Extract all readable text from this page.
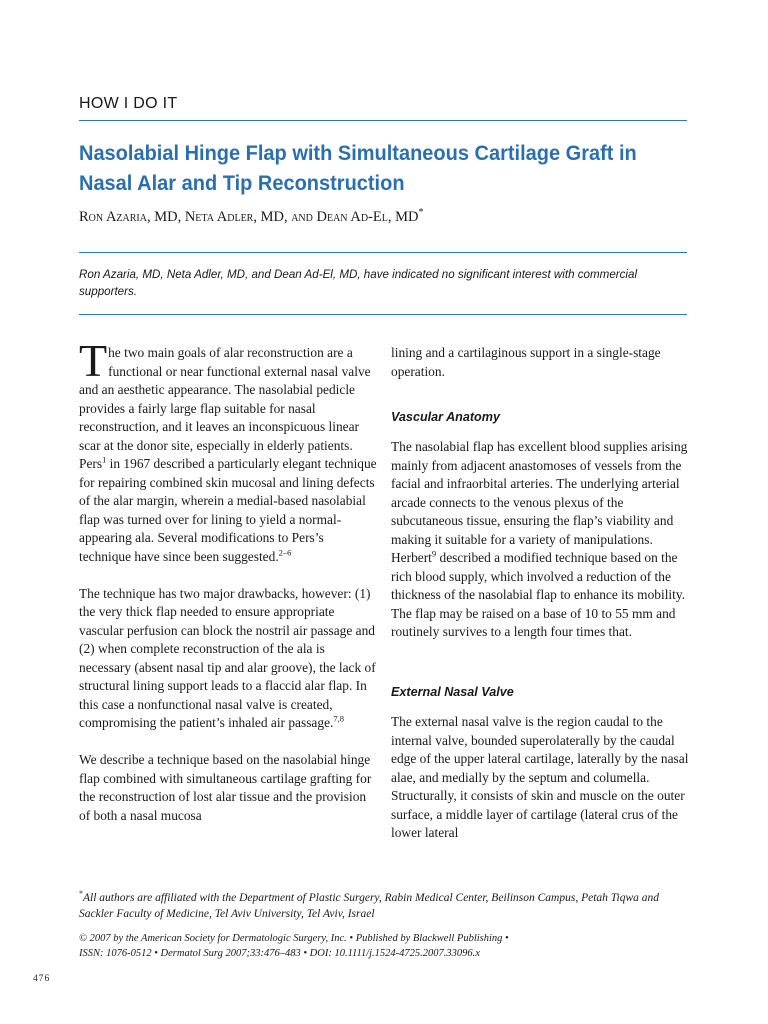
HOW I DO IT
Nasolabial Hinge Flap with Simultaneous Cartilage Graft in Nasal Alar and Tip Reconstruction
Ron Azaria, MD, Neta Adler, MD, and Dean Ad-El, MD*

Ron Azaria, MD, Neta Adler, MD, and Dean Ad-El, MD, have indicated no significant interest with commercial supporters.

The two main goals of alar reconstruction are a functional or near functional external nasal valve and an aesthetic appearance. The nasolabial pedicle provides a fairly large flap suitable for nasal reconstruction, and it leaves an inconspicuous linear scar at the donor site, especially in elderly patients. Pers$^1$ in 1967 described a particularly elegant technique for repairing combined skin mucosal and lining defects of the alar margin, wherein a medial-based nasolabial flap was turned over for lining to yield a normal-appearing ala. Several modifications to Pers’s technique have since been suggested.$^{2-6}$

The technique has two major drawbacks, however: (1) the very thick flap needed to ensure appropriate vascular perfusion can block the nostril air passage and (2) when complete reconstruction of the ala is necessary (absent nasal tip and alar groove), the lack of structural lining support leads to a flaccid alar flap. In this case a nonfunctional nasal valve is created, compromising the patient’s inhaled air passage.$^{7,8}$

We describe a technique based on the nasolabial hinge flap combined with simultaneous cartilage grafting for the reconstruction of lost alar tissue and the provision of both a nasal mucosa

lining and a cartilaginous support in a single-stage operation.

Vascular Anatomy

The nasolabial flap has excellent blood supplies arising mainly from adjacent anastomoses of vessels from the facial and infraorbital arteries. The underlying arterial arcade connects to the venous plexus of the subcutaneous tissue, ensuring the flap’s viability and making it suitable for a variety of manipulations. Herbert$^9$ described a modified technique based on the rich blood supply, which involved a reduction of the thickness of the nasolabial flap to enhance its mobility. The flap may be raised on a base of 10 to 55 mm and routinely survives to a length four times that.

External Nasal Valve

The external nasal valve is the region caudal to the internal valve, bounded superolaterally by the caudal edge of the upper lateral cartilage, laterally by the nasal alae, and medially by the septum and columella. Structurally, it consists of skin and muscle on the outer surface, a middle layer of cartilage (lateral crus of the lower lateral

*All authors are affiliated with the Department of Plastic Surgery, Rabin Medical Center, Beilinson Campus, Petah Tiqwa and Sackler Faculty of Medicine, Tel Aviv University, Tel Aviv, Israel

© 2007 by the American Society for Dermatologic Surgery, Inc. • Published by Blackwell Publishing •
ISSN: 1076-0512 • Dermatol Surg 2007;33:476–483 • DOI: 10.1111/j.1524-4725.2007.33096.x

476
